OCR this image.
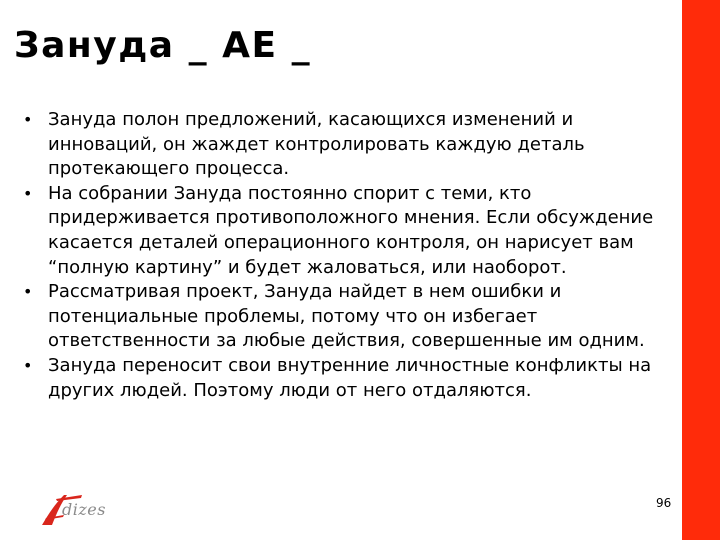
Зануда _ AE _
• Зануда полон предложений, касающихся изменений и инноваций, он жаждет контролировать каждую деталь протекающего процесса.
• На собрании Зануда постоянно спорит с теми, кто придерживается противоположного мнения. Если обсуждение касается деталей операционного контроля, он нарисует вам “полную картину” и будет жаловаться, или наоборот.
• Рассматривая проект, Зануда найдет в нем ошибки и потенциальные проблемы, потому что он избегает ответственности за любые действия, совершенные им одним.
• Зануда переносит свои внутренние личностные конфликты на других людей. Поэтому люди от него отдаляются.
dizes	96
